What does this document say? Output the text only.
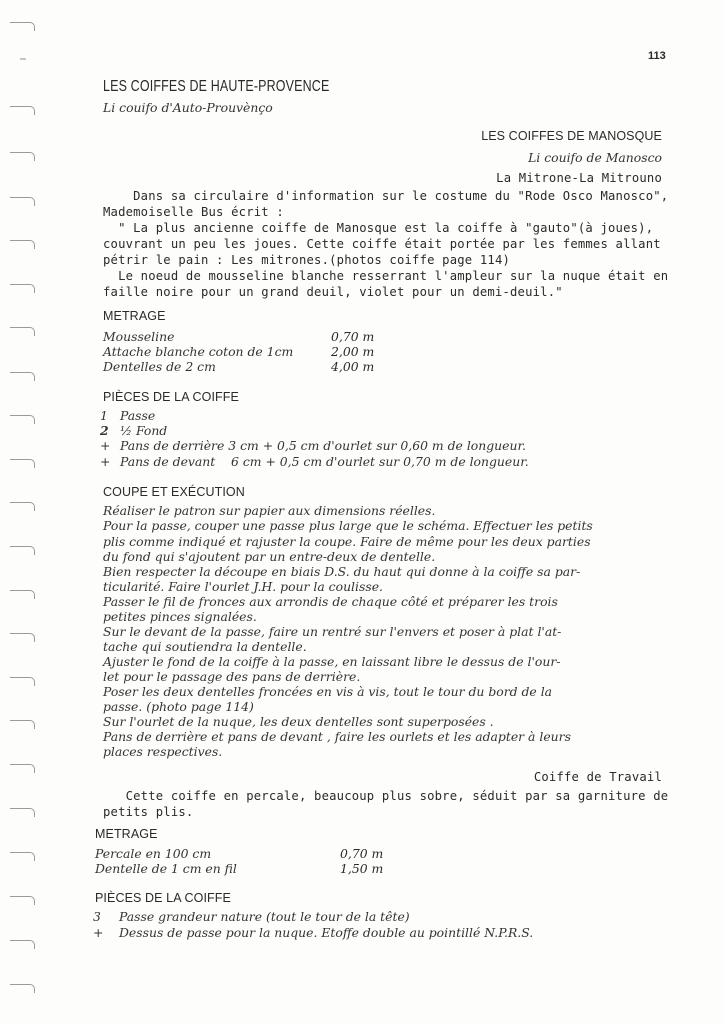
113
LES COIFFES DE HAUTE-PROVENCE
Li couifo d'Auto-Prouvènço
LES COIFFES DE MANOSQUE
Li couifo de Manosco
La Mitrone-La Mitrouno
Dans sa circulaire d'information sur le costume du "Rode Osco Manosco",
Mademoiselle Bus écrit :
" La plus ancienne coiffe de Manosque est la coiffe à "gauto"(à joues),
couvrant un peu les joues. Cette coiffe était portée par les femmes allant
pétrir le pain : Les mitrones.(photos coiffe page 114)
Le noeud de mousseline blanche resserrant l'ampleur sur la nuque était en
faille noire pour un grand deuil, violet pour un demi-deuil."
METRAGE
Mousseline	0,70 m
Attache blanche coton de 1cm	2,00 m
Dentelles de 2 cm	4,00 m
PIÈCES DE LA COIFFE
1 Passe
2 ½ Fond
+ Pans de derrière 3 cm + 0,5 cm d'ourlet sur 0,60 m de longueur.
+ Pans de devant    6 cm + 0,5 cm d'ourlet sur 0,70 m de longueur.
COUPE ET EXÉCUTION
Réaliser le patron sur papier aux dimensions réelles.
Pour la passe, couper une passe plus large que le schéma. Effectuer les petits
plis comme indiqué et rajuster la coupe. Faire de même pour les deux parties
du fond qui s'ajoutent par un entre-deux de dentelle.
Bien respecter la découpe en biais D.S. du haut qui donne à la coiffe sa par-
ticularité. Faire l'ourlet J.H. pour la coulisse.
Passer le fil de fronces aux arrondis de chaque côté et préparer les trois
petites pinces signalées.
Sur le devant de la passe, faire un rentré sur l'envers et poser à plat l'at-
tache qui soutiendra la dentelle.
Ajuster le fond de la coiffe à la passe, en laissant libre le dessus de l'our-
let pour le passage des pans de derrière.
Poser les deux dentelles froncées en vis à vis, tout le tour du bord de la
passe. (photo page 114)
Sur l'ourlet de la nuque, les deux dentelles sont superposées .
Pans de derrière et pans de devant , faire les ourlets et les adapter à leurs
places respectives.
Coiffe de Travail
Cette coiffe en percale, beaucoup plus sobre, séduit par sa garniture de
petits plis.
METRAGE
Percale en 100 cm	0,70 m
Dentelle de 1 cm en fil	1,50 m
PIÈCES DE LA COIFFE
3 Passe grandeur nature (tout le tour de la tête)
+ Dessus de passe pour la nuque. Etoffe double au pointillé N.P.R.S.
